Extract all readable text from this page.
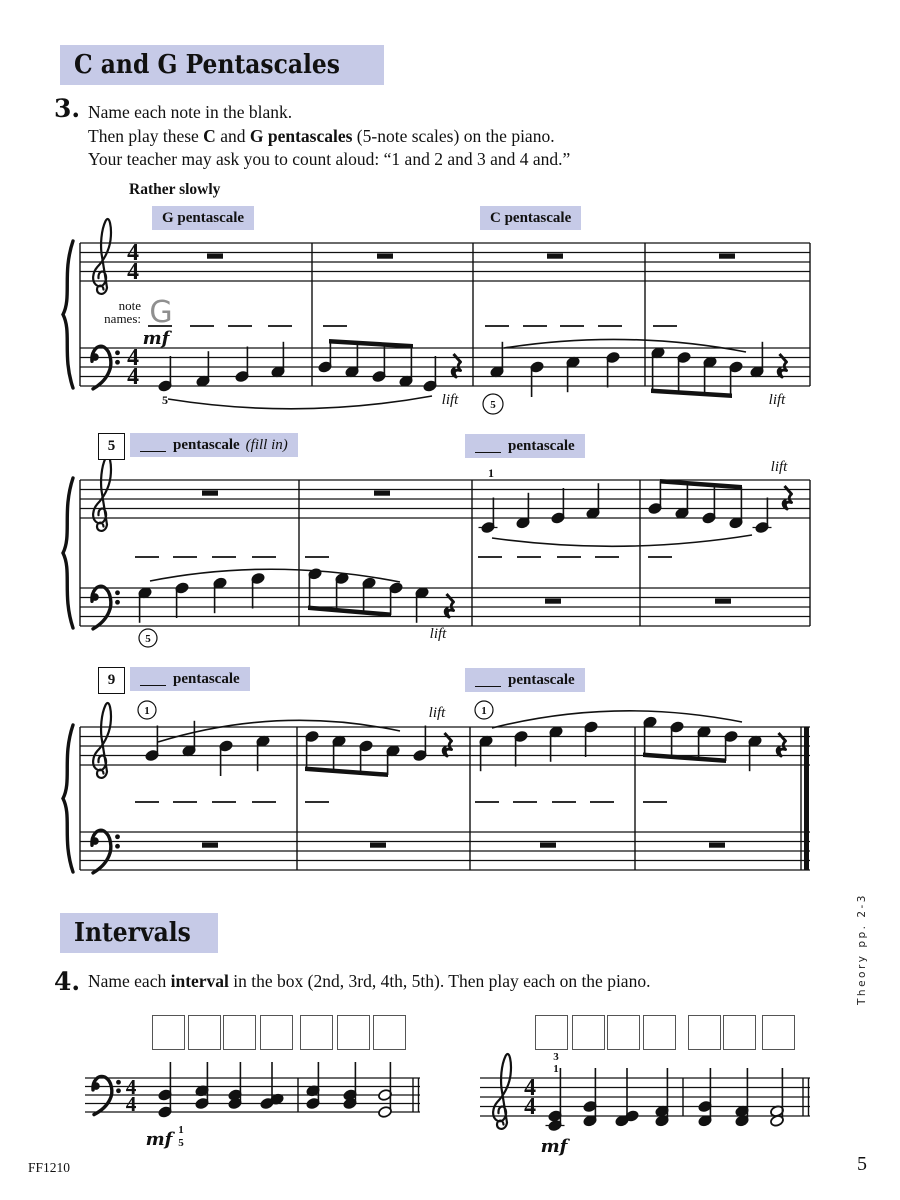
4
4
4
4
5
note
names: G
mf
5	lift	lift
5
1
lift
lift
1	1
lift
4
4
mf 1
5
4
4
mf
3
1
C and G Pentascales
3. Name each note in the blank.
Then play these C and G pentascales (5-note scales) on the piano.
Your teacher may ask you to count aloud: “1 and 2 and 3 and 4 and.”
Rather slowly
G pentascale	C pentascale
5	pentascale (fill in)	pentascale
9	pentascale	pentascale
Intervals
4. Name each interval in the box (2nd, 3rd, 4th, 5th). Then play each on the piano.	Theory pp. 2-3
FF1210	5
